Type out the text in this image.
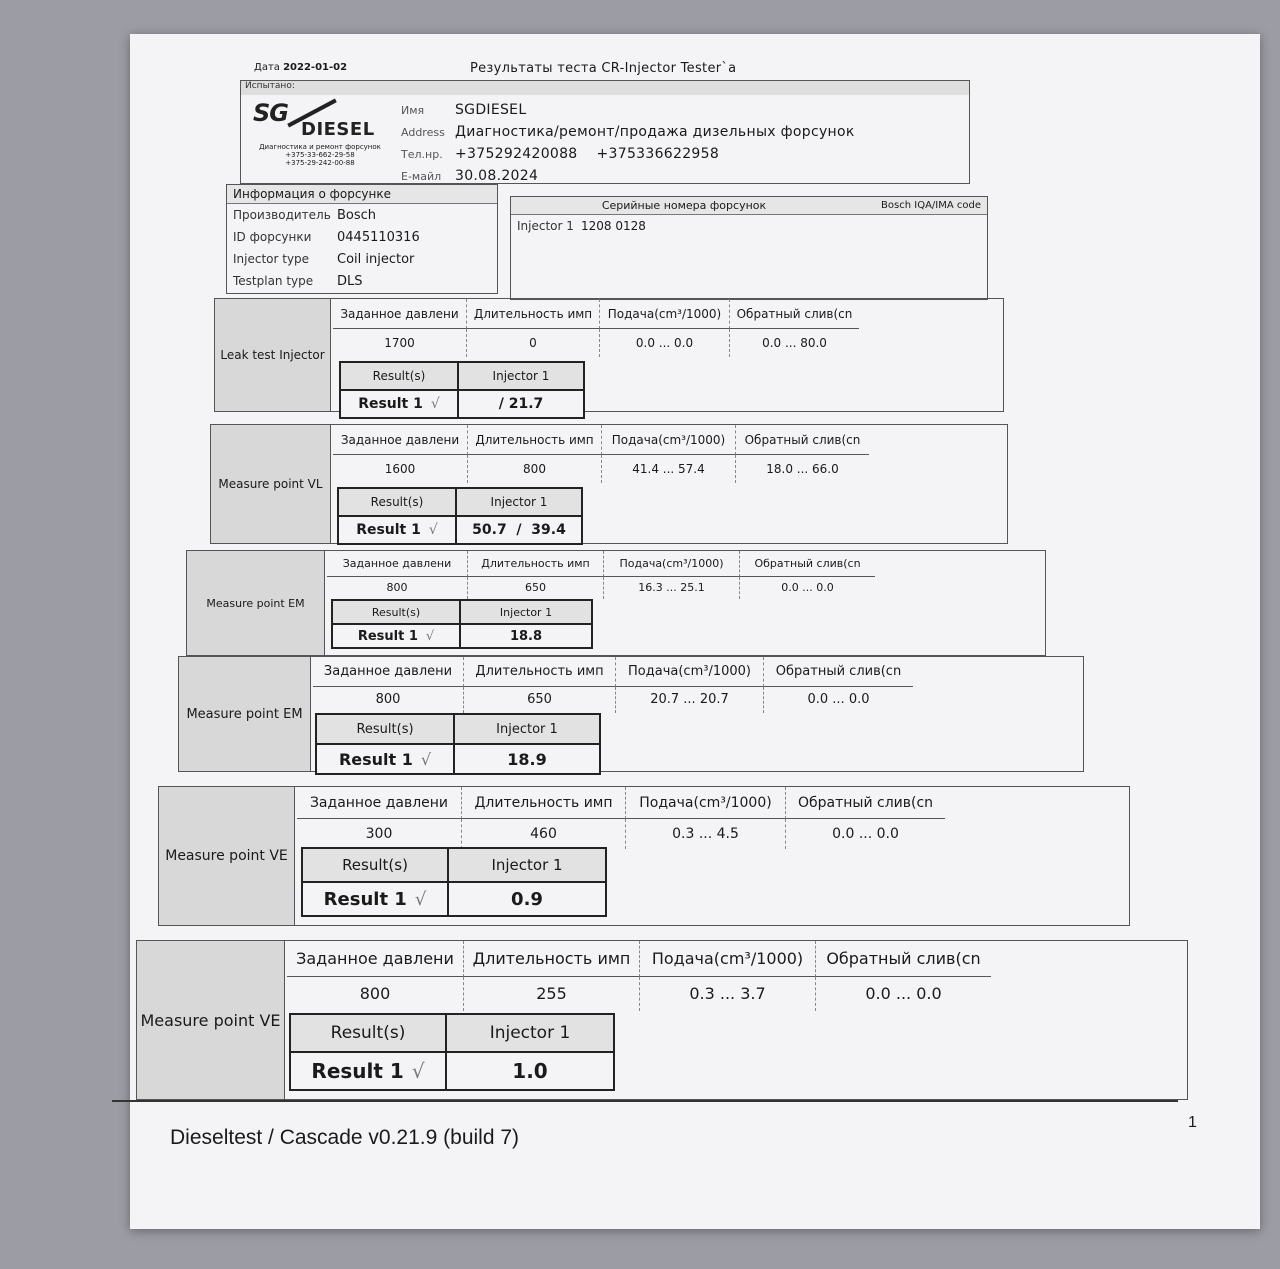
Дата 2022-01-02	Результаты теста CR-Injector Tester`a
Испытано:
SG
DIESEL
Диагностика и ремонт форсунок
+375-33-662-29-58
+375-29-242-00-88
Имя	SGDIESEL
Address Диагностика/ремонт/продажа дизельных форсунок
Тел.нр. +375292420088    +375336622958
E-майл 30.08.2024
Информация о форсунке
Производитель Bosch
ID форсунки	0445110316
Injector type	Coil injector
Testplan type	DLS
Серийные номера форсунок	Bosch IQA/IMA code
Injector 1 1208 0128
Leak test Injector
Заданное давлени	Длительность имп	Подача(cm³/1000)	Обратный слив(cn
1700	0	0.0 ... 0.0	0.0 ... 80.0
Result(s)	Injector 1
Result 1 √	/ 21.7
Measure point VL
Заданное давлени	Длительность имп	Подача(cm³/1000)	Обратный слив(cn
1600	800	41.4 ... 57.4	18.0 ... 66.0
Result(s)	Injector 1
Result 1 √	50.7  /  39.4
Measure point EM
Заданное давлени	Длительность имп	Подача(cm³/1000)	Обратный слив(cn
800	650	16.3 ... 25.1	0.0 ... 0.0
Result(s)	Injector 1
Result 1 √	18.8
Measure point EM
Заданное давлени	Длительность имп	Подача(cm³/1000)	Обратный слив(cn
800	650	20.7 ... 20.7	0.0 ... 0.0
Result(s)	Injector 1
Result 1 √	18.9
Measure point VE
Заданное давлени	Длительность имп	Подача(cm³/1000)	Обратный слив(cn
300	460	0.3 ... 4.5	0.0 ... 0.0
Result(s)	Injector 1
Result 1 √	0.9
Measure point VE
Заданное давлени	Длительность имп	Подача(cm³/1000)	Обратный слив(cn
800	255	0.3 ... 3.7	0.0 ... 0.0
Result(s)	Injector 1
Result 1 √	1.0
Dieseltest / Cascade v0.21.9 (build 7)
1
